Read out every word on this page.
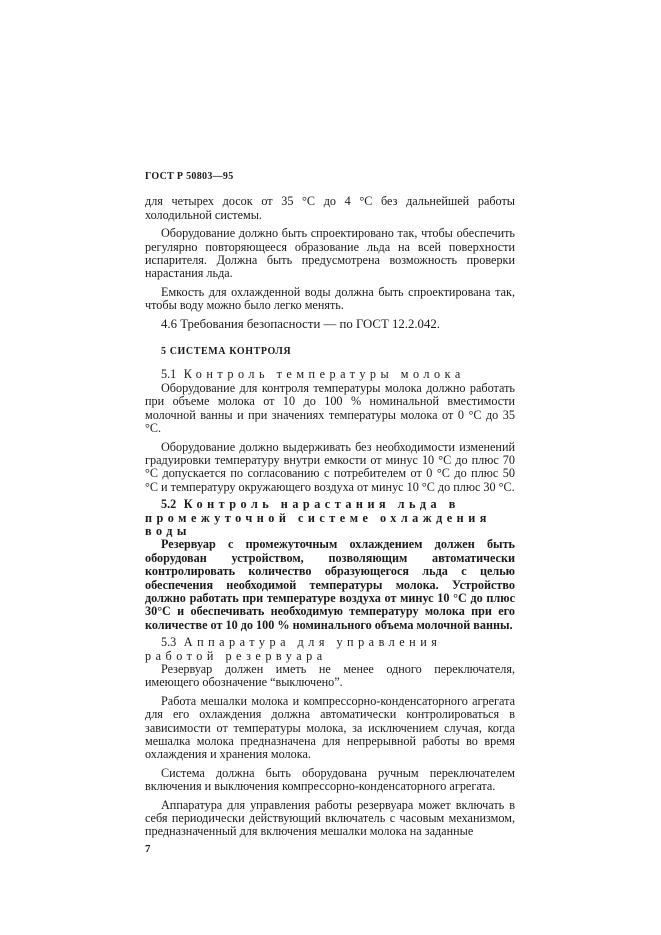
ГОСТ Р 50803—95

для четырех досок от 35 °С до 4 °С без дальнейшей работы холодильной системы.

Оборудование должно быть спроектировано так, чтобы обеспечить регулярно повторяющееся образование льда на всей поверхности испарителя. Должна быть предусмотрена возможность проверки нарастания льда.

Емкость для охлажденной воды должна быть спроектирована так, чтобы воду можно было легко менять.

4.6 Требования безопасности — по ГОСТ 12.2.042.

5 СИСТЕМА КОНТРОЛЯ

5.1 Контроль температуры молока

Оборудование для контроля температуры молока должно работать при объеме молока от 10 до 100 % номинальной вместимости молочной ванны и при значениях температуры молока от 0 °С до 35 °С.

Оборудование должно выдерживать без необходимости изменений градуировки температуру внутри емкости от минус 10 °С до плюс 70 °С допускается по согласованию с потребителем от 0 °С до плюс 50 °С и температуру окружающего воздуха от минус 10 °С до плюс 30 °С.

5.2 Контроль нарастания льда в промежуточной системе охлаждения воды

Резервуар с промежуточным охлаждением должен быть оборудован устройством, позволяющим автоматически контролировать количество образующегося льда с целью обеспечения необходимой температуры молока. Устройство должно работать при температуре воздуха от минус 10 °С до плюс 30°С и обеспечивать необходимую температуру молока при его количестве от 10 до 100 % номинального объема молочной ванны.

5.3 Аппаратура для управления работой резервуара

Резервуар должен иметь не менее одного переключателя, имеющего обозначение “выключено”.

Работа мешалки молока и компрессорно-конденсаторного агрегата для его охлаждения должна автоматически контролироваться в зависимости от температуры молока, за исключением случая, когда мешалка молока предназначена для непрерывной работы во время охлаждения и хранения молока.

Система должна быть оборудована ручным переключателем включения и выключения компрессорно-конденсаторного агрегата.

Аппаратура для управления работы резервуара может включать в себя периодически действующий включатель с часовым механизмом, предназначенный для включения мешалки молока на заданные

7
